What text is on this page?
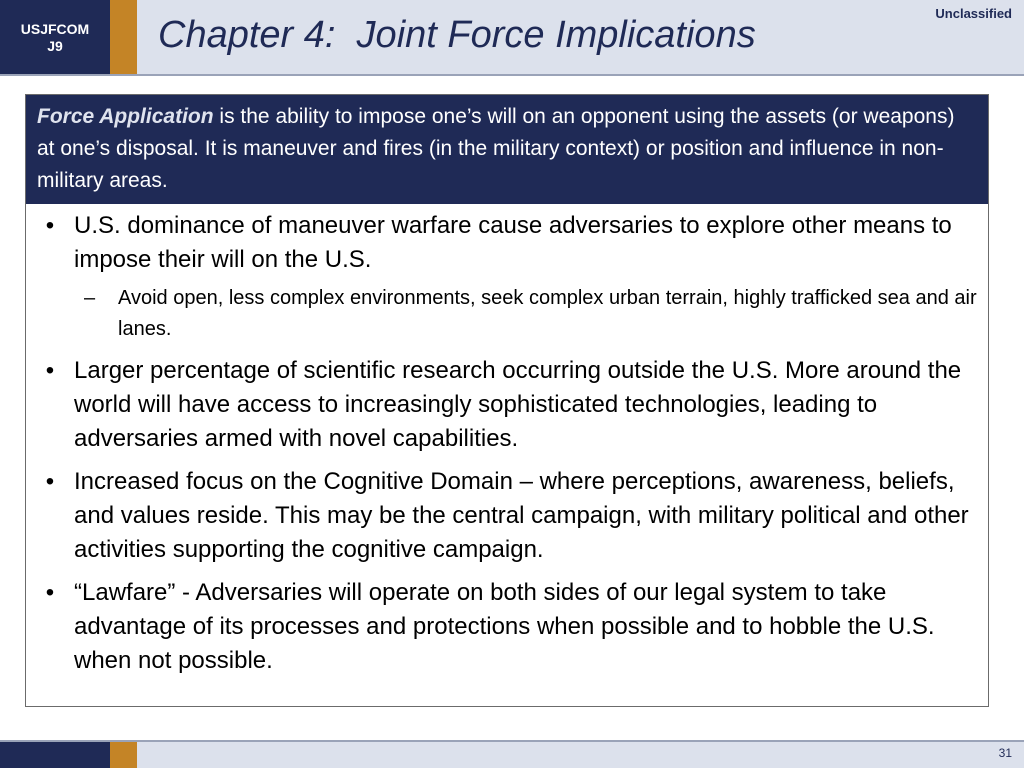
USJFCOM
J9	Chapter 4:  Joint Force Implications
Unclassified
Force Application is the ability to impose one’s will on an opponent using the assets (or weapons) at one’s disposal. It is maneuver and fires (in the military context) or position and influence in non-military areas.
• U.S. dominance of maneuver warfare cause adversaries to explore other means to impose their will on the U.S.
– Avoid open, less complex environments, seek complex urban terrain, highly trafficked sea and air lanes.
• Larger percentage of scientific research occurring outside the U.S. More around the world will have access to increasingly sophisticated technologies, leading to adversaries armed with novel capabilities.
• Increased focus on the Cognitive Domain – where perceptions, awareness, beliefs, and values reside. This may be the central campaign, with military political and other activities supporting the cognitive campaign.
• “Lawfare” - Adversaries will operate on both sides of our legal system to take advantage of its processes and protections when possible and to hobble the U.S. when not possible.
31
